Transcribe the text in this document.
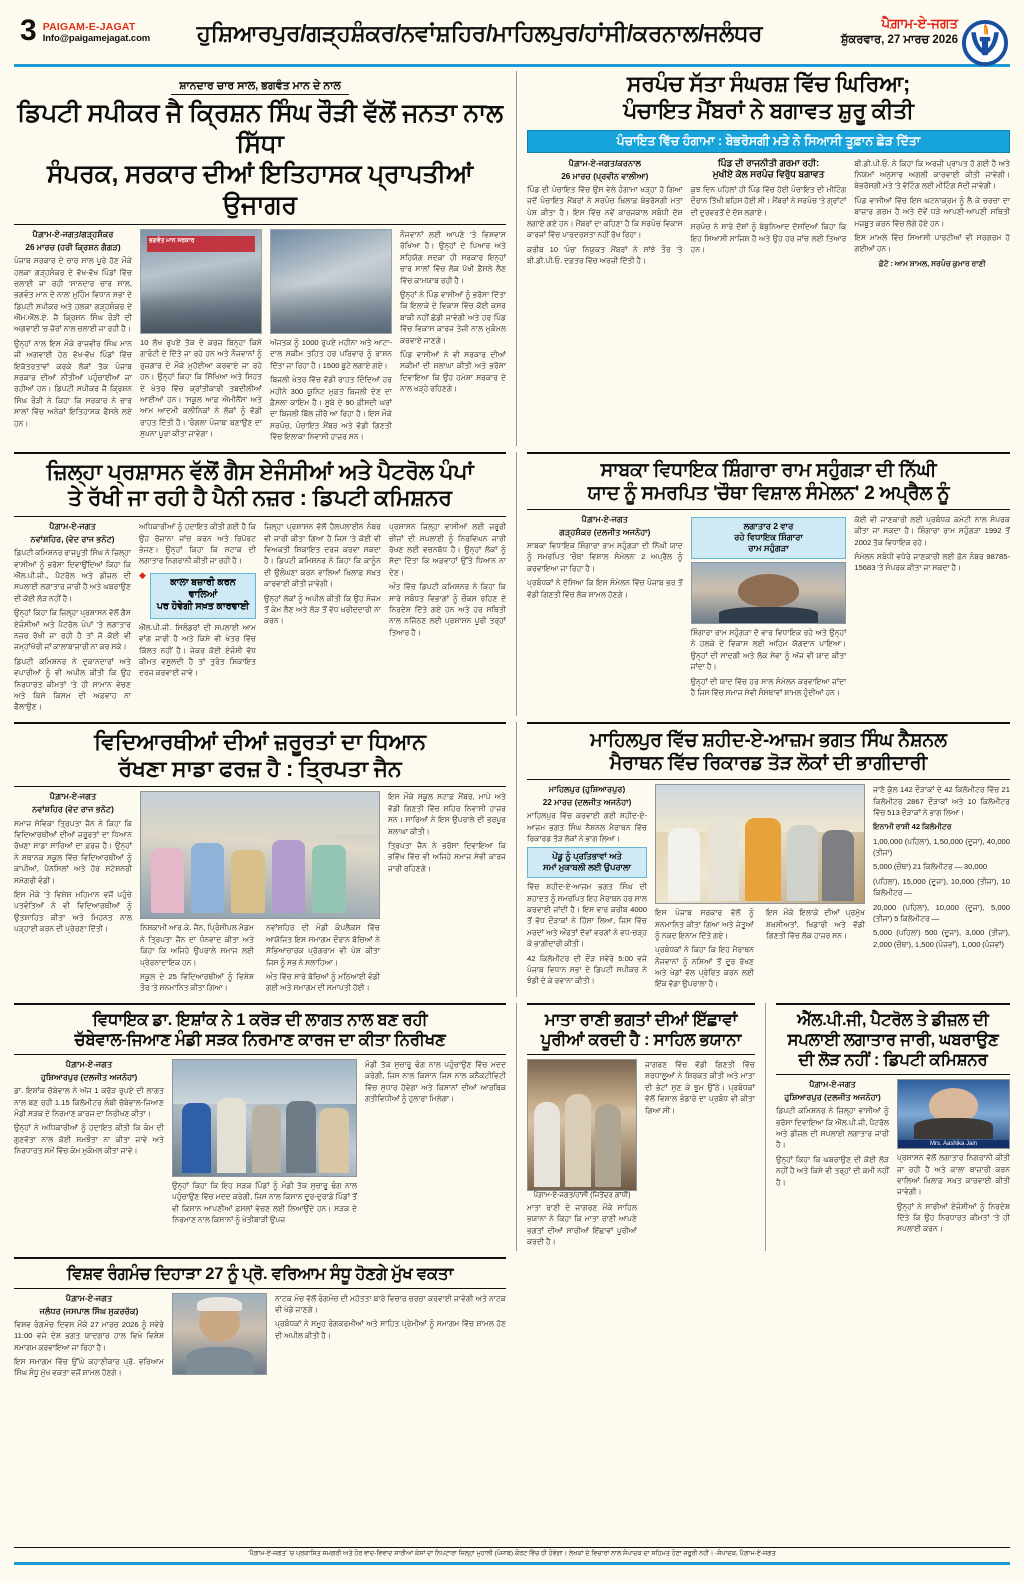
3 PAIGAM-E-JAGAT
Info@paigamejagat.com	ਹੁਸ਼ਿਆਰਪੁਰ/ਗੜ੍ਹਸ਼ੰਕਰ/ਨਵਾਂਸ਼ਹਿਰ/ਮਾਹਿਲਪੁਰ/ਹਾਂਸੀ/ਕਰਨਾਲ/ਜਲੰਧਰ	ਪੈਗ਼ਾਮ-ਏ-ਜਗਤ
ਸ਼ੁੱਕਰਵਾਰ, 27 ਮਾਰਚ 2026
ਸ਼ਾਨਦਾਰ ਚਾਰ ਸਾਲ, ਭਗਵੰਤ ਮਾਨ ਦੇ ਨਾਲ
ਡਿਪਟੀ ਸਪੀਕਰ ਜੈ ਕ੍ਰਿਸ਼ਨ ਸਿੰਘ ਰੌੜੀ ਵੱਲੋਂ ਜਨਤਾ ਨਾਲ ਸਿੱਧਾ
ਸੰਪਰਕ, ਸਰਕਾਰ ਦੀਆਂ ਇਤਿਹਾਸਕ ਪ੍ਰਾਪਤੀਆਂ ਉਜਾਗਰ
ਪੈਗ਼ਾਮ-ਏ-ਜਗਤ/ਗੜ੍ਹਸ਼ੰਕਰ
26 ਮਾਰਚ (ਹਰੀ ਕ੍ਰਿਸ਼ਨ ਗੰਗੜ)

ਪੰਜਾਬ ਸਰਕਾਰ ਦੇ ਚਾਰ ਸਾਲ ਪੂਰੇ ਹੋਣ ਮੌਕੇ ਹਲਕਾ ਗੜ੍ਹਸ਼ੰਕਰ ਦੇ ਵੱਖ-ਵੱਖ ਪਿੰਡਾਂ ਵਿੱਚ ਚਲਾਈ ਜਾ ਰਹੀ 'ਸਾਨਦਾਰ ਚਾਰ ਸਾਲ, ਭਗਵੰਤ ਮਾਨ ਦੇ ਨਾਲ' ਮੁਹਿੰਮ ਵਿਧਾਨ ਸਭਾ ਦੇ ਡਿਪਟੀ ਸਪੀਕਰ ਅਤੇ ਹਲਕਾ ਗੜ੍ਹਸ਼ੰਕਰ ਦੇ ਐੱਮ.ਐੱਲ.ਏ. ਜੈ ਕ੍ਰਿਸ਼ਨ ਸਿੰਘ ਰੌੜੀ ਦੀ ਅਗਵਾਈ 'ਚ ਜ਼ੋਰਾਂ ਨਾਲ ਚਲਾਈ ਜਾ ਰਹੀ ਹੈ।

ਉਨ੍ਹਾਂ ਨਾਲ ਇਸ ਮੌਕੇ ਰਾਜਵੀਰ ਸਿੰਘ ਮਾਨ ਜੀ ਅਗਵਾਈ ਹੇਠ ਵੱਖ-ਵੱਖ ਪਿੰਡਾਂ ਵਿੱਚ ਇਕੱਤਰਤਾਵਾਂ ਕਰਕੇ ਲੋਕਾਂ ਤੱਕ ਪੰਜਾਬ ਸਰਕਾਰ ਦੀਆਂ ਨੀਤੀਆਂ ਪਹੁੰਚਾਈਆਂ ਜਾ ਰਹੀਆਂ ਹਨ। ਡਿਪਟੀ ਸਪੀਕਰ ਜੈ ਕ੍ਰਿਸ਼ਨ ਸਿੰਘ ਰੌੜੀ ਨੇ ਕਿਹਾ ਕਿ ਸਰਕਾਰ ਨੇ ਚਾਰ ਸਾਲਾਂ ਵਿੱਚ ਅਨੇਕਾਂ ਇਤਿਹਾਸਕ ਫੈਸਲੇ ਲਏ ਹਨ।

ਭਗਵੰਤ ਮਾਨ ਸਰਕਾਰ

10 ਲੱਖ ਰੁਪਏ ਤੱਕ ਦੇ ਕਰਜ਼ ਬਿਨ੍ਹਾ ਕਿਸੇ ਗਾਰੰਟੀ ਦੇ ਦਿੱਤੇ ਜਾ ਰਹੇ ਹਨ ਅਤੇ ਨੌਜਵਾਨਾਂ ਨੂੰ ਰੁਜ਼ਗਾਰ ਦੇ ਮੌਕੇ ਮੁਹੱਈਆ ਕਰਵਾਏ ਜਾ ਰਹੇ ਹਨ। ਉਨ੍ਹਾਂ ਕਿਹਾ ਕਿ ਸਿੱਖਿਆ ਅਤੇ ਸਿਹਤ ਦੇ ਖੇਤਰ ਵਿੱਚ ਕ੍ਰਾਂਤੀਕਾਰੀ ਤਬਦੀਲੀਆਂ ਆਈਆਂ ਹਨ। 'ਸਕੂਲ ਆਫ਼ ਐਮੀਨੈਂਸ' ਅਤੇ ਆਮ ਆਦਮੀ ਕਲੀਨਿਕਾਂ ਨੇ ਲੋਕਾਂ ਨੂੰ ਵੱਡੀ ਰਾਹਤ ਦਿੱਤੀ ਹੈ। 'ਰੰਗਲਾ ਪੰਜਾਬ' ਬਣਾਉਣ ਦਾ ਸੁਪਨਾ ਪੂਰਾ ਕੀਤਾ ਜਾਵੇਗਾ।

ਅੱਜਤਕ ਨੂੰ 1000 ਰੁਪਏ ਮਹੀਨਾ ਅਤੇ ਆਟਾ-ਦਾਲ ਸਕੀਮ ਤਹਿਤ ਹਰ ਪਰਿਵਾਰ ਨੂੰ ਰਾਸ਼ਨ ਦਿੱਤਾ ਜਾ ਰਿਹਾ ਹੈ। 1500 ਬੂਟੇ ਲਗਾਏ ਗਏ।

ਬਿਜਲੀ ਖੇਤਰ ਵਿੱਚ ਵੱਡੀ ਰਾਹਤ ਦਿੰਦਿਆਂ ਹਰ ਮਹੀਨੇ 300 ਯੂਨਿਟ ਮੁਫ਼ਤ ਬਿਜਲੀ ਦੇਣ ਦਾ ਫ਼ੈਸਲਾ ਕਾਇਮ ਹੈ। ਸੂਬੇ ਦੇ 90 ਫ਼ੀਸਦੀ ਘਰਾਂ ਦਾ ਬਿਜਲੀ ਬਿੱਲ ਜ਼ੀਰੋ ਆ ਰਿਹਾ ਹੈ। ਇਸ ਮੌਕੇ ਸਰਪੰਚ, ਪੰਚਾਇਤ ਮੈਂਬਰ ਅਤੇ ਵੱਡੀ ਗਿਣਤੀ ਵਿੱਚ ਇਲਾਕਾ ਨਿਵਾਸੀ ਹਾਜ਼ਰ ਸਨ।

ਨੌਜਵਾਨਾਂ ਲਈ ਆਪਣੇ 'ਤੇ ਵਿਸ਼ਵਾਸ ਰੱਖਿਆ ਹੈ। ਉਨ੍ਹਾਂ ਦੇ ਪਿਆਰ ਅਤੇ ਸਹਿਯੋਗ ਸਦਕਾ ਹੀ ਸਰਕਾਰ ਇਨ੍ਹਾਂ ਚਾਰ ਸਾਲਾਂ ਵਿੱਚ ਲੋਕ ਪੱਖੀ ਫ਼ੈਸਲੇ ਲੈਣ ਵਿੱਚ ਕਾਮਯਾਬ ਰਹੀ ਹੈ।

ਉਨ੍ਹਾਂ ਨੇ ਪਿੰਡ ਵਾਸੀਆਂ ਨੂੰ ਭਰੋਸਾ ਦਿੱਤਾ ਕਿ ਇਲਾਕੇ ਦੇ ਵਿਕਾਸ ਵਿੱਚ ਕੋਈ ਕਸਰ ਬਾਕੀ ਨਹੀਂ ਛੱਡੀ ਜਾਵੇਗੀ ਅਤੇ ਹਰ ਪਿੰਡ ਵਿੱਚ ਵਿਕਾਸ ਕਾਰਜ ਤੇਜ਼ੀ ਨਾਲ ਮੁਕੰਮਲ ਕਰਵਾਏ ਜਾਣਗੇ।

ਪਿੰਡ ਵਾਸੀਆਂ ਨੇ ਵੀ ਸਰਕਾਰ ਦੀਆਂ ਸਕੀਮਾਂ ਦੀ ਸ਼ਲਾਘਾ ਕੀਤੀ ਅਤੇ ਭਰੋਸਾ ਦਿਵਾਇਆ ਕਿ ਉਹ ਹਮੇਸ਼ਾ ਸਰਕਾਰ ਦੇ ਨਾਲ ਖੜ੍ਹੇ ਰਹਿਣਗੇ।

ਸਰਪੰਚ ਸੱਤਾ ਸੰਘਰਸ਼ ਵਿੱਚ ਘਿਰਿਆ;
ਪੰਚਾਇਤ ਮੈਂਬਰਾਂ ਨੇ ਬਗਾਵਤ ਸ਼ੁਰੂ ਕੀਤੀ
ਪੰਚਾਇਤ ਵਿੱਚ ਹੰਗਾਮਾ : ਬੇਭਰੋਸਗੀ ਮਤੇ ਨੇ ਸਿਆਸੀ ਤੂਫ਼ਾਨ ਛੇੜ ਦਿੱਤਾ
ਪੈਗ਼ਾਮ-ਏ-ਜਗਤ/ਕਰਨਾਲ
26 ਮਾਰਚ (ਪ੍ਰਵੀਨ ਵਾਲੀਆ)

ਪਿੰਡ ਦੀ ਪੰਚਾਇਤ ਵਿੱਚ ਉਸ ਵੇਲੇ ਹੰਗਾਮਾ ਖੜ੍ਹਾ ਹੋ ਗਿਆ ਜਦੋਂ ਪੰਚਾਇਤ ਮੈਂਬਰਾਂ ਨੇ ਸਰਪੰਚ ਖ਼ਿਲਾਫ਼ ਬੇਭਰੋਸਗੀ ਮਤਾ ਪੇਸ਼ ਕੀਤਾ ਹੈ। ਇਸ ਵਿੱਚ ਨਵੇਂ ਕਾਰਜਕਾਲ ਸਬੰਧੀ ਦੋਸ਼ ਲਗਾਏ ਗਏ ਹਨ। ਮੈਂਬਰਾਂ ਦਾ ਕਹਿਣਾ ਹੈ ਕਿ ਸਰਪੰਚ ਵਿਕਾਸ ਕਾਰਜਾਂ ਵਿੱਚ ਪਾਰਦਰਸ਼ਤਾ ਨਹੀਂ ਰੱਖ ਰਿਹਾ।

ਕਰੀਬ 10 'ਪੰਚ' ਨਿਯੁਕਤ ਮੈਂਬਰਾਂ ਨੇ ਸਾਂਝੇ ਤੌਰ 'ਤੇ ਬੀ.ਡੀ.ਪੀ.ਓ. ਦਫ਼ਤਰ ਵਿੱਚ ਅਰਜ਼ੀ ਦਿੱਤੀ ਹੈ।

ਪਿੰਡ ਦੀ ਰਾਜਨੀਤੀ ਗਰਮਾ ਰਹੀ:
ਮੁਖੀਏ ਕੋਲ ਸਰਪੰਚ ਵਿਰੁੱਧ ਬਗਾਵਤ

ਕੁਝ ਦਿਨ ਪਹਿਲਾਂ ਹੀ ਪਿੰਡ ਵਿੱਚ ਹੋਈ ਪੰਚਾਇਤ ਦੀ ਮੀਟਿੰਗ ਦੌਰਾਨ ਤਿੱਖੀ ਬਹਿਸ ਹੋਈ ਸੀ। ਮੈਂਬਰਾਂ ਨੇ ਸਰਪੰਚ 'ਤੇ ਗ੍ਰਾਂਟਾਂ ਦੀ ਦੁਰਵਰਤੋਂ ਦੇ ਦੋਸ਼ ਲਗਾਏ।

ਸਰਪੰਚ ਨੇ ਸਾਰੇ ਦੋਸ਼ਾਂ ਨੂੰ ਬੇਬੁਨਿਆਦ ਦੱਸਦਿਆਂ ਕਿਹਾ ਕਿ ਇਹ ਸਿਆਸੀ ਸਾਜ਼ਿਸ਼ ਹੈ ਅਤੇ ਉਹ ਹਰ ਜਾਂਚ ਲਈ ਤਿਆਰ ਹਨ।

ਬੀ.ਡੀ.ਪੀ.ਓ. ਨੇ ਕਿਹਾ ਕਿ ਅਰਜ਼ੀ ਪ੍ਰਾਪਤ ਹੋ ਗਈ ਹੈ ਅਤੇ ਨਿਯਮਾਂ ਅਨੁਸਾਰ ਅਗਲੀ ਕਾਰਵਾਈ ਕੀਤੀ ਜਾਵੇਗੀ। ਬੇਭਰੋਸਗੀ ਮਤੇ 'ਤੇ ਵੋਟਿੰਗ ਲਈ ਮੀਟਿੰਗ ਸੱਦੀ ਜਾਵੇਗੀ।

ਪਿੰਡ ਵਾਸੀਆਂ ਵਿੱਚ ਇਸ ਘਟਨਾਕ੍ਰਮ ਨੂੰ ਲੈ ਕੇ ਚਰਚਾ ਦਾ ਬਾਜ਼ਾਰ ਗਰਮ ਹੈ ਅਤੇ ਦੋਵੇਂ ਧੜੇ ਆਪਣੀ-ਆਪਣੀ ਸਥਿਤੀ ਮਜ਼ਬੂਤ ਕਰਨ ਵਿੱਚ ਲੱਗੇ ਹੋਏ ਹਨ।

ਇਸ ਮਾਮਲੇ ਵਿੱਚ ਸਿਆਸੀ ਪਾਰਟੀਆਂ ਵੀ ਸਰਗਰਮ ਹੋ ਗਈਆਂ ਹਨ।

ਫ਼ੋਟੋ : ਆਮ ਸ਼ਾਮਲ, ਸਰਪੰਚ ਕੁਮਾਰ ਰਾਣੀ

ਜ਼ਿਲ੍ਹਾ ਪ੍ਰਸ਼ਾਸਨ ਵੱਲੋਂ ਗੈਸ ਏਜੰਸੀਆਂ ਅਤੇ ਪੈਟਰੋਲ ਪੰਪਾਂ
ਤੇ ਰੱਖੀ ਜਾ ਰਹੀ ਹੈ ਪੈਨੀ ਨਜ਼ਰ : ਡਿਪਟੀ ਕਮਿਸ਼ਨਰ
ਪੈਗ਼ਾਮ-ਏ-ਜਗਤ
ਨਵਾਂਸ਼ਹਿਰ, (ਵੇਦ ਰਾਜ ਭਨੋਟ)

ਡਿਪਟੀ ਕਮਿਸ਼ਨਰ ਰਾਜਪੂਤੀ ਸਿੰਘ ਨੇ ਜ਼ਿਲ੍ਹਾ ਵਾਸੀਆਂ ਨੂੰ ਭਰੋਸਾ ਦਿਵਾਉਂਦਿਆਂ ਕਿਹਾ ਕਿ ਐੱਲ.ਪੀ.ਜੀ., ਪੈਟਰੋਲ ਅਤੇ ਡੀਜ਼ਲ ਦੀ ਸਪਲਾਈ ਲਗਾਤਾਰ ਜਾਰੀ ਹੈ ਅਤੇ ਘਬਰਾਉਣ ਦੀ ਕੋਈ ਲੋੜ ਨਹੀਂ ਹੈ।

ਉਨ੍ਹਾਂ ਕਿਹਾ ਕਿ ਜ਼ਿਲ੍ਹਾ ਪ੍ਰਸ਼ਾਸਨ ਵੱਲੋਂ ਗੈਸ ਏਜੰਸੀਆਂ ਅਤੇ ਪੈਟਰੋਲ ਪੰਪਾਂ 'ਤੇ ਲਗਾਤਾਰ ਨਜ਼ਰ ਰੱਖੀ ਜਾ ਰਹੀ ਹੈ ਤਾਂ ਜੋ ਕੋਈ ਵੀ ਜਮ੍ਹਾਂਖੋਰੀ ਜਾਂ ਕਾਲਾਬਾਜ਼ਾਰੀ ਨਾ ਕਰ ਸਕੇ।

ਡਿਪਟੀ ਕਮਿਸ਼ਨਰ ਨੇ ਦੁਕਾਨਦਾਰਾਂ ਅਤੇ ਵਪਾਰੀਆਂ ਨੂੰ ਵੀ ਅਪੀਲ ਕੀਤੀ ਕਿ ਉਹ ਨਿਰਧਾਰਤ ਕੀਮਤਾਂ 'ਤੇ ਹੀ ਸਾਮਾਨ ਵੇਚਣ ਅਤੇ ਕਿਸੇ ਕਿਸਮ ਦੀ ਅਫ਼ਵਾਹ ਨਾ ਫੈਲਾਉਣ।

ਅਧਿਕਾਰੀਆਂ ਨੂੰ ਹਦਾਇਤ ਕੀਤੀ ਗਈ ਹੈ ਕਿ ਉਹ ਰੋਜ਼ਾਨਾ ਜਾਂਚ ਕਰਨ ਅਤੇ ਰਿਪੋਰਟ ਭੇਜਣ। ਉਨ੍ਹਾਂ ਕਿਹਾ ਕਿ ਸਟਾਕ ਦੀ ਲਗਾਤਾਰ ਨਿਗਰਾਨੀ ਕੀਤੀ ਜਾ ਰਹੀ ਹੈ।

◆
ਕਾਲਾ ਬਜ਼ਾਰੀ ਕਰਨ ਵਾਲਿਆਂ
ਪਰ ਹੋਵੇਗੀ ਸਖ਼ਤ ਕਾਰਵਾਈ

ਐੱਲ.ਪੀ.ਜੀ. ਸਿਲੰਡਰਾਂ ਦੀ ਸਪਲਾਈ ਆਮ ਵਾਂਗ ਜਾਰੀ ਹੈ ਅਤੇ ਕਿਸੇ ਵੀ ਖੇਤਰ ਵਿੱਚ ਕਿੱਲਤ ਨਹੀਂ ਹੈ। ਜੇਕਰ ਕੋਈ ਏਜੰਸੀ ਵੱਧ ਕੀਮਤ ਵਸੂਲਦੀ ਹੈ ਤਾਂ ਤੁਰੰਤ ਸ਼ਿਕਾਇਤ ਦਰਜ ਕਰਵਾਈ ਜਾਵੇ।

ਜ਼ਿਲ੍ਹਾ ਪ੍ਰਸ਼ਾਸਨ ਵੱਲੋਂ ਹੈਲਪਲਾਈਨ ਨੰਬਰ ਵੀ ਜਾਰੀ ਕੀਤਾ ਗਿਆ ਹੈ ਜਿਸ 'ਤੇ ਕੋਈ ਵੀ ਵਿਅਕਤੀ ਸ਼ਿਕਾਇਤ ਦਰਜ ਕਰਵਾ ਸਕਦਾ ਹੈ। ਡਿਪਟੀ ਕਮਿਸ਼ਨਰ ਨੇ ਕਿਹਾ ਕਿ ਕਾਨੂੰਨ ਦੀ ਉਲੰਘਣਾ ਕਰਨ ਵਾਲਿਆਂ ਖ਼ਿਲਾਫ਼ ਸਖ਼ਤ ਕਾਰਵਾਈ ਕੀਤੀ ਜਾਵੇਗੀ।

ਉਨ੍ਹਾਂ ਲੋਕਾਂ ਨੂੰ ਅਪੀਲ ਕੀਤੀ ਕਿ ਉਹ ਸੰਜਮ ਤੋਂ ਕੰਮ ਲੈਣ ਅਤੇ ਲੋੜ ਤੋਂ ਵੱਧ ਖ਼ਰੀਦਦਾਰੀ ਨਾ ਕਰਨ।

ਪ੍ਰਸ਼ਾਸਨ ਜ਼ਿਲ੍ਹਾ ਵਾਸੀਆਂ ਲਈ ਜ਼ਰੂਰੀ ਚੀਜ਼ਾਂ ਦੀ ਸਪਲਾਈ ਨੂੰ ਨਿਰਵਿਘਨ ਜਾਰੀ ਰੱਖਣ ਲਈ ਵਚਨਬੱਧ ਹੈ। ਉਨ੍ਹਾਂ ਲੋਕਾਂ ਨੂੰ ਸੱਦਾ ਦਿੱਤਾ ਕਿ ਅਫ਼ਵਾਹਾਂ ਉੱਤੇ ਧਿਆਨ ਨਾ ਦੇਣ।

ਅੰਤ ਵਿੱਚ ਡਿਪਟੀ ਕਮਿਸ਼ਨਰ ਨੇ ਕਿਹਾ ਕਿ ਸਾਰੇ ਸਬੰਧਤ ਵਿਭਾਗਾਂ ਨੂੰ ਚੌਕਸ ਰਹਿਣ ਦੇ ਨਿਰਦੇਸ਼ ਦਿੱਤੇ ਗਏ ਹਨ ਅਤੇ ਹਰ ਸਥਿਤੀ ਨਾਲ ਨਜਿੱਠਣ ਲਈ ਪ੍ਰਸ਼ਾਸਨ ਪੂਰੀ ਤਰ੍ਹਾਂ ਤਿਆਰ ਹੈ।

ਸਾਬਕਾ ਵਿਧਾਇਕ ਸ਼ਿੰਗਾਰਾ ਰਾਮ ਸਹੁੰਗੜਾ ਦੀ ਨਿੱਘੀ
ਯਾਦ ਨੂੰ ਸਮਰਪਿਤ 'ਚੌਥਾ ਵਿਸ਼ਾਲ ਸੰਮੇਲਨ' 2 ਅਪ੍ਰੈਲ ਨੂੰ
ਪੈਗ਼ਾਮ-ਏ-ਜਗਤ
ਗੜ੍ਹਸ਼ੰਕਰ (ਦਲਜੀਤ ਅਜਨੋਹਾ)

ਸਾਬਕਾ ਵਿਧਾਇਕ ਸ਼ਿੰਗਾਰਾ ਰਾਮ ਸਹੁੰਗੜਾ ਦੀ ਨਿੱਘੀ ਯਾਦ ਨੂੰ ਸਮਰਪਿਤ 'ਚੌਥਾ ਵਿਸ਼ਾਲ ਸੰਮੇਲਨ' 2 ਅਪ੍ਰੈਲ ਨੂੰ ਕਰਵਾਇਆ ਜਾ ਰਿਹਾ ਹੈ।

ਪ੍ਰਬੰਧਕਾਂ ਨੇ ਦੱਸਿਆ ਕਿ ਇਸ ਸੰਮੇਲਨ ਵਿੱਚ ਪੰਜਾਬ ਭਰ ਤੋਂ ਵੱਡੀ ਗਿਣਤੀ ਵਿੱਚ ਲੋਕ ਸ਼ਾਮਲ ਹੋਣਗੇ।

ਲਗਾਤਾਰ 2 ਵਾਰ
ਰਹੇ ਵਿਧਾਇਕ ਸ਼ਿੰਗਾਰਾ
ਰਾਮ ਸਹੁੰਗੜਾ

ਸ਼ਿੰਗਾਰਾ ਰਾਮ ਸਹੁੰਗੜਾ ਦੋ ਵਾਰ ਵਿਧਾਇਕ ਰਹੇ ਅਤੇ ਉਨ੍ਹਾਂ ਨੇ ਹਲਕੇ ਦੇ ਵਿਕਾਸ ਲਈ ਅਹਿਮ ਯੋਗਦਾਨ ਪਾਇਆ। ਉਨ੍ਹਾਂ ਦੀ ਸਾਦਗੀ ਅਤੇ ਲੋਕ ਸੇਵਾ ਨੂੰ ਅੱਜ ਵੀ ਯਾਦ ਕੀਤਾ ਜਾਂਦਾ ਹੈ।

ਉਨ੍ਹਾਂ ਦੀ ਯਾਦ ਵਿੱਚ ਹਰ ਸਾਲ ਸੰਮੇਲਨ ਕਰਵਾਇਆ ਜਾਂਦਾ ਹੈ ਜਿਸ ਵਿੱਚ ਸਮਾਜ ਸੇਵੀ ਸੰਸਥਾਵਾਂ ਸ਼ਾਮਲ ਹੁੰਦੀਆਂ ਹਨ।

ਕੋਈ ਵੀ ਜਾਣਕਾਰੀ ਲਈ ਪ੍ਰਬੰਧਕ ਕਮੇਟੀ ਨਾਲ ਸੰਪਰਕ ਕੀਤਾ ਜਾ ਸਕਦਾ ਹੈ। ਸ਼ਿੰਗਾਰਾ ਰਾਮ ਸਹੁੰਗੜਾ 1992 ਤੋਂ 2002 ਤੱਕ ਵਿਧਾਇਕ ਰਹੇ।

ਸੰਮੇਲਨ ਸਬੰਧੀ ਵਧੇਰੇ ਜਾਣਕਾਰੀ ਲਈ ਫ਼ੋਨ ਨੰਬਰ 98785-15683 'ਤੇ ਸੰਪਰਕ ਕੀਤਾ ਜਾ ਸਕਦਾ ਹੈ।

ਵਿਦਿਆਰਥੀਆਂ ਦੀਆਂ ਜ਼ਰੂਰਤਾਂ ਦਾ ਧਿਆਨ
ਰੱਖਣਾ ਸਾਡਾ ਫਰਜ਼ ਹੈ : ਤ੍ਰਿਪਤਾ ਜੈਨ
ਪੈਗ਼ਾਮ-ਏ-ਜਗਤ
ਨਵਾਂਸ਼ਹਿਰ (ਵੇਦ ਰਾਜ ਭਨੋਟ)

ਸਮਾਜ ਸੇਵਿਕਾ ਤ੍ਰਿਪਤਾ ਜੈਨ ਨੇ ਕਿਹਾ ਕਿ ਵਿਦਿਆਰਥੀਆਂ ਦੀਆਂ ਜ਼ਰੂਰਤਾਂ ਦਾ ਧਿਆਨ ਰੱਖਣਾ ਸਾਡਾ ਸਾਰਿਆਂ ਦਾ ਫ਼ਰਜ਼ ਹੈ। ਉਨ੍ਹਾਂ ਨੇ ਸਥਾਨਕ ਸਕੂਲ ਵਿੱਚ ਵਿਦਿਆਰਥੀਆਂ ਨੂੰ ਕਾਪੀਆਂ, ਪੈਨਸਿਲਾਂ ਅਤੇ ਹੋਰ ਸਟੇਸ਼ਨਰੀ ਸਮੱਗਰੀ ਵੰਡੀ।

ਇਸ ਮੌਕੇ 'ਤੇ ਵਿਸ਼ੇਸ਼ ਮਹਿਮਾਨ ਵਜੋਂ ਪਹੁੰਚੇ ਪਤਵੰਤਿਆਂ ਨੇ ਵੀ ਵਿਦਿਆਰਥੀਆਂ ਨੂੰ ਉਤਸ਼ਾਹਿਤ ਕੀਤਾ ਅਤੇ ਮਿਹਨਤ ਨਾਲ ਪੜ੍ਹਾਈ ਕਰਨ ਦੀ ਪ੍ਰੇਰਣਾ ਦਿੱਤੀ।	ਨਿਸ਼ਕਾਮੀ ਆਰ.ਕੇ. ਜੈਨ, ਪ੍ਰਿੰਸੀਪਲ ਮੈਡਮ ਨੇ ਤ੍ਰਿਪਤਾ ਜੈਨ ਦਾ ਧੰਨਵਾਦ ਕੀਤਾ ਅਤੇ ਕਿਹਾ ਕਿ ਅਜਿਹੇ ਉਪਰਾਲੇ ਸਮਾਜ ਲਈ ਪ੍ਰੇਰਨਾਦਾਇਕ ਹਨ।

ਸਕੂਲ ਦੇ 25 ਵਿਦਿਆਰਥੀਆਂ ਨੂੰ ਵਿਸ਼ੇਸ਼ ਤੌਰ 'ਤੇ ਸਨਮਾਨਿਤ ਕੀਤਾ ਗਿਆ।

ਨਵਾਂਸ਼ਹਿਰ ਦੀ ਮੰਡੀ ਕੰਪਲੈਕਸ ਵਿੱਚ ਆਯੋਜਿਤ ਇਸ ਸਮਾਗਮ ਦੌਰਾਨ ਬੱਚਿਆਂ ਨੇ ਸੱਭਿਆਚਾਰਕ ਪ੍ਰੋਗਰਾਮ ਵੀ ਪੇਸ਼ ਕੀਤਾ ਜਿਸ ਨੂੰ ਸਭ ਨੇ ਸਲਾਹਿਆ।

ਅੰਤ ਵਿੱਚ ਸਾਰੇ ਬੱਚਿਆਂ ਨੂੰ ਮਠਿਆਈ ਵੰਡੀ ਗਈ ਅਤੇ ਸਮਾਗਮ ਦੀ ਸਮਾਪਤੀ ਹੋਈ।

ਇਸ ਮੌਕੇ ਸਕੂਲ ਸਟਾਫ਼ ਮੈਂਬਰ, ਮਾਪੇ ਅਤੇ ਵੱਡੀ ਗਿਣਤੀ ਵਿੱਚ ਸ਼ਹਿਰ ਨਿਵਾਸੀ ਹਾਜ਼ਰ ਸਨ। ਸਾਰਿਆਂ ਨੇ ਇਸ ਉਪਰਾਲੇ ਦੀ ਭਰਪੂਰ ਸ਼ਲਾਘਾ ਕੀਤੀ।

ਤ੍ਰਿਪਤਾ ਜੈਨ ਨੇ ਭਰੋਸਾ ਦਿਵਾਇਆ ਕਿ ਭਵਿੱਖ ਵਿੱਚ ਵੀ ਅਜਿਹੇ ਸਮਾਜ ਸੇਵੀ ਕਾਰਜ ਜਾਰੀ ਰਹਿਣਗੇ।

ਮਾਹਿਲਪੁਰ ਵਿੱਚ ਸ਼ਹੀਦ-ਏ-ਆਜ਼ਮ ਭਗਤ ਸਿੰਘ ਨੈਸ਼ਨਲ
ਮੈਰਾਥਨ ਵਿੱਚ ਰਿਕਾਰਡ ਤੋੜ ਲੋਕਾਂ ਦੀ ਭਾਗੀਦਾਰੀ
ਮਾਹਿਲਪੁਰ (ਹੁਸ਼ਿਆਰਪੁਰ)
22 ਮਾਰਚ (ਦਲਜੀਤ ਅਜਨੋਹਾ)

ਮਾਹਿਲਪੁਰ ਵਿੱਚ ਕਰਵਾਈ ਗਈ ਸ਼ਹੀਦ-ਏ-ਆਜ਼ਮ ਭਗਤ ਸਿੰਘ ਨੈਸ਼ਨਲ ਮੈਰਾਥਨ ਵਿੱਚ ਰਿਕਾਰਡ ਤੋੜ ਲੋਕਾਂ ਨੇ ਭਾਗ ਲਿਆ।

ਪੇਂਡੂ ਨੂੰ ਪ੍ਰਤਿਭਾਵਾਂ ਅਤੇ
ਸਮਾਂ ਮੁਕਾਬਲੀ ਲਈ ਉਪਰਾਲਾ

ਵਿੱਚ ਸ਼ਹੀਦ-ਏ-ਆਜ਼ਮ ਭਗਤ ਸਿੰਘ ਦੀ ਸ਼ਹਾਦਤ ਨੂੰ ਸਮਰਪਿਤ ਇਹ ਮੈਰਾਥਨ ਹਰ ਸਾਲ ਕਰਵਾਈ ਜਾਂਦੀ ਹੈ। ਇਸ ਵਾਰ ਕਰੀਬ 4000 ਤੋਂ ਵੱਧ ਦੌੜਾਕਾਂ ਨੇ ਹਿੱਸਾ ਲਿਆ, ਜਿਸ ਵਿੱਚ ਮਰਦਾਂ ਅਤੇ ਔਰਤਾਂ ਦੋਵਾਂ ਵਰਗਾਂ ਨੇ ਵਧ-ਚੜ੍ਹ ਕੇ ਭਾਗੀਦਾਰੀ ਕੀਤੀ।

42 ਕਿਲੋਮੀਟਰ ਦੀ ਦੌੜ ਸਵੇਰੇ 5:00 ਵਜੇ ਪੰਜਾਬ ਵਿਧਾਨ ਸਭਾ ਦੇ ਡਿਪਟੀ ਸਪੀਕਰ ਨੇ ਝੰਡੀ ਦੇ ਕੇ ਰਵਾਨਾ ਕੀਤੀ।

ਇਸ ਪੰਜਾਬ ਸਰਕਾਰ ਵੱਲੋਂ ਨੂੰ ਸਨਮਾਨਿਤ ਕੀਤਾ ਗਿਆ ਅਤੇ ਜੇਤੂਆਂ ਨੂੰ ਨਕਦ ਇਨਾਮ ਦਿੱਤੇ ਗਏ।

ਪ੍ਰਬੰਧਕਾਂ ਨੇ ਕਿਹਾ ਕਿ ਇਹ ਮੈਰਾਥਨ ਨੌਜਵਾਨਾਂ ਨੂੰ ਨਸ਼ਿਆਂ ਤੋਂ ਦੂਰ ਰੱਖਣ ਅਤੇ ਖੇਡਾਂ ਵੱਲ ਪ੍ਰੇਰਿਤ ਕਰਨ ਲਈ ਇੱਕ ਵੱਡਾ ਉਪਰਾਲਾ ਹੈ।

ਇਸ ਮੌਕੇ ਇਲਾਕੇ ਦੀਆਂ ਪ੍ਰਮੁੱਖ ਸ਼ਖ਼ਸੀਅਤਾਂ, ਖਿਡਾਰੀ ਅਤੇ ਵੱਡੀ ਗਿਣਤੀ ਵਿੱਚ ਲੋਕ ਹਾਜ਼ਰ ਸਨ।

ਜਾਣੋ ਕੁੱਲ 142 ਦੌੜਾਕਾਂ ਦੇ 42 ਕਿਲੋਮੀਟਰ ਵਿੱਚ 21 ਕਿਲੋਮੀਟਰ 2867 ਦੌੜਾਕਾਂ ਅਤੇ 10 ਕਿਲੋਮੀਟਰ ਵਿੱਚ 513 ਦੌੜਾਕਾਂ ਨੇ ਭਾਗ ਲਿਆ।

ਇਨਾਮੀ ਰਾਸ਼ੀ 42 ਕਿਲੋਮੀਟਰ

1,00,000 (ਪਹਿਲਾ), 1,50,000 (ਦੂਜਾ), 40,000 (ਤੀਜਾ)

5,000 (ਚੌਥਾ) 21 ਕਿਲੋਮੀਟਰ — 30,000

(ਪਹਿਲਾ), 15,000 (ਦੂਜਾ), 10,000 (ਤੀਜਾ), 10 ਕਿਲੋਮੀਟਰ —

20,000 (ਪਹਿਲਾ), 10,000 (ਦੂਜਾ), 5,000 (ਤੀਜਾ) 5 ਕਿਲੋਮੀਟਰ —

5,000 (ਪਹਿਲਾ) 500 (ਦੂਜਾ), 3,000 (ਤੀਜਾ), 2,000 (ਚੌਥਾ), 1,500 (ਪੰਜਵਾਂ), 1,000 (ਪੰਜਵਾਂ)

ਵਿਧਾਇਕ ਡਾ. ਇਸ਼ਾਂਕ ਨੇ 1 ਕਰੋੜ ਦੀ ਲਾਗਤ ਨਾਲ ਬਣ ਰਹੀ
ਚੱਬੇਵਾਲ-ਜਿਆਣ ਮੰਡੀ ਸੜਕ ਨਿਰਮਾਣ ਕਾਰਜ ਦਾ ਕੀਤਾ ਨਿਰੀਖਣ
ਪੈਗ਼ਾਮ-ਏ-ਜਗਤ
ਹੁਸ਼ਿਆਰਪੁਰ (ਦਲਜੀਤ ਅਜਨੋਹਾ)

ਡਾ. ਇਸ਼ਾਂਕ ਚੱਬੇਵਾਲ ਨੇ ਅੱਜ 1 ਕਰੋੜ ਰੁਪਏ ਦੀ ਲਾਗਤ ਨਾਲ ਬਣ ਰਹੀ 1.15 ਕਿਲੋਮੀਟਰ ਲੰਬੀ ਚੱਬੇਵਾਲ-ਜਿਆਣ ਮੰਡੀ ਸੜਕ ਦੇ ਨਿਰਮਾਣ ਕਾਰਜ ਦਾ ਨਿਰੀਖਣ ਕੀਤਾ।

ਉਨ੍ਹਾਂ ਨੇ ਅਧਿਕਾਰੀਆਂ ਨੂੰ ਹਦਾਇਤ ਕੀਤੀ ਕਿ ਕੰਮ ਦੀ ਗੁਣਵੱਤਾ ਨਾਲ ਕੋਈ ਸਮਝੌਤਾ ਨਾ ਕੀਤਾ ਜਾਵੇ ਅਤੇ ਨਿਰਧਾਰਤ ਸਮੇਂ ਵਿੱਚ ਕੰਮ ਮੁਕੰਮਲ ਕੀਤਾ ਜਾਵੇ।

ਉਨ੍ਹਾਂ ਕਿਹਾ ਕਿ ਇਹ ਸੜਕ ਪਿੰਡਾਂ ਨੂੰ ਮੰਡੀ ਤੱਕ ਸੁਚਾਰੂ ਢੰਗ ਨਾਲ ਪਹੁੰਚਾਉਣ ਵਿੱਚ ਮਦਦ ਕਰੇਗੀ, ਜਿਸ ਨਾਲ ਕਿਸਾਨ ਦੂਰ-ਦੁਰਾਡੇ ਪਿੰਡਾਂ ਤੋਂ ਵੀ ਕਿਸਾਨ ਆਪਣੀਆਂ ਫ਼ਸਲਾਂ ਵੇਚਣ ਲਈ ਲਿਆਉਂਦੇ ਹਨ। ਸੜਕ ਦੇ ਨਿਰਮਾਣ ਨਾਲ ਕਿਸਾਨਾਂ ਨੂੰ ਖੇਤੀਬਾੜੀ ਉਪਜ

ਮੰਡੀ ਤੱਕ ਸੁਚਾਰੂ ਢੰਗ ਨਾਲ ਪਹੁੰਚਾਉਣ ਵਿੱਚ ਮਦਦ ਕਰੇਗੀ, ਜਿਸ ਨਾਲ ਕਿਸਾਨ ਜਿਸ ਨਾਲ ਕਨੈਕਟੀਵਿਟੀ ਵਿੱਚ ਸੁਧਾਰ ਹੋਵੇਗਾ ਅਤੇ ਕਿਸਾਨਾਂ ਦੀਆਂ ਆਰਥਿਕ ਗਤੀਵਿਧੀਆਂ ਨੂੰ ਹੁਲਾਰਾ ਮਿਲੇਗਾ।

ਮਾਤਾ ਰਾਣੀ ਭਗਤਾਂ ਦੀਆਂ ਇੱਛਾਵਾਂ
ਪੂਰੀਆਂ ਕਰਦੀ ਹੈ : ਸਾਹਿਲ ਭਯਾਨਾ
ਪੈਗ਼ਾਮ-ਏ-ਜਗਤ/ਹਾਂਸੀ (ਜਿਤੇਂਦਰ ਗਾਂਧੀ)

ਮਾਤਾ ਰਾਣੀ ਦੇ ਜਾਗਰਣ ਮੌਕੇ ਸਾਹਿਲ ਭਯਾਨਾ ਨੇ ਕਿਹਾ ਕਿ ਮਾਤਾ ਰਾਣੀ ਆਪਣੇ ਭਗਤਾਂ ਦੀਆਂ ਸਾਰੀਆਂ ਇੱਛਾਵਾਂ ਪੂਰੀਆਂ ਕਰਦੀ ਹੈ।

ਜਾਗਰਣ ਵਿੱਚ ਵੱਡੀ ਗਿਣਤੀ ਵਿੱਚ ਸ਼ਰਧਾਲੂਆਂ ਨੇ ਸ਼ਿਰਕਤ ਕੀਤੀ ਅਤੇ ਮਾਤਾ ਦੀ ਭੇਟਾਂ ਸੁਣ ਕੇ ਝੂਮ ਉੱਠੇ। ਪ੍ਰਬੰਧਕਾਂ ਵੱਲੋਂ ਵਿਸ਼ਾਲ ਭੰਡਾਰੇ ਦਾ ਪ੍ਰਬੰਧ ਵੀ ਕੀਤਾ ਗਿਆ ਸੀ।

ਐੱਲ.ਪੀ.ਜੀ, ਪੈਟਰੋਲ ਤੇ ਡੀਜ਼ਲ ਦੀ
ਸਪਲਾਈ ਲਗਾਤਾਰ ਜਾਰੀ, ਘਬਰਾਉਣ
ਦੀ ਲੋੜ ਨਹੀਂ : ਡਿਪਟੀ ਕਮਿਸ਼ਨਰ
ਪੈਗ਼ਾਮ-ਏ-ਜਗਤ
ਹੁਸ਼ਿਆਰਪੁਰ (ਦਲਜੀਤ ਅਜਨੋਹਾ)

ਡਿਪਟੀ ਕਮਿਸ਼ਨਰ ਨੇ ਜ਼ਿਲ੍ਹਾ ਵਾਸੀਆਂ ਨੂੰ ਭਰੋਸਾ ਦਿਵਾਇਆ ਕਿ ਐੱਲ.ਪੀ.ਜੀ, ਪੈਟਰੋਲ ਅਤੇ ਡੀਜ਼ਲ ਦੀ ਸਪਲਾਈ ਲਗਾਤਾਰ ਜਾਰੀ ਹੈ।

ਉਨ੍ਹਾਂ ਕਿਹਾ ਕਿ ਘਬਰਾਉਣ ਦੀ ਕੋਈ ਲੋੜ ਨਹੀਂ ਹੈ ਅਤੇ ਕਿਸੇ ਵੀ ਤਰ੍ਹਾਂ ਦੀ ਕਮੀ ਨਹੀਂ ਹੈ।

Mrs. Aashika Jain

ਪ੍ਰਸ਼ਾਸਨ ਵੱਲੋਂ ਲਗਾਤਾਰ ਨਿਗਰਾਨੀ ਕੀਤੀ ਜਾ ਰਹੀ ਹੈ ਅਤੇ ਕਾਲਾ ਬਾਜ਼ਾਰੀ ਕਰਨ ਵਾਲਿਆਂ ਖ਼ਿਲਾਫ਼ ਸਖ਼ਤ ਕਾਰਵਾਈ ਕੀਤੀ ਜਾਵੇਗੀ।

ਉਨ੍ਹਾਂ ਨੇ ਸਾਰੀਆਂ ਏਜੰਸੀਆਂ ਨੂੰ ਨਿਰਦੇਸ਼ ਦਿੱਤੇ ਕਿ ਉਹ ਨਿਰਧਾਰਤ ਕੀਮਤਾਂ 'ਤੇ ਹੀ ਸਪਲਾਈ ਕਰਨ।

ਵਿਸ਼ਵ ਰੰਗਮੰਚ ਦਿਹਾੜਾ 27 ਨੂੰ ਪ੍ਰੋ. ਵਰਿਆਮ ਸੰਧੂ ਹੋਣਗੇ ਮੁੱਖ ਵਕਤਾ
ਪੈਗ਼ਾਮ-ਏ-ਜਗਤ
ਜਲੰਧਰ (ਜਸਪਾਲ ਸਿੰਘ ਸੁਕਰਚੱਕ)

ਵਿਸ਼ਵ ਰੰਗਮੰਚ ਦਿਵਸ ਮੌਕੇ 27 ਮਾਰਚ 2026 ਨੂੰ ਸਵੇਰੇ 11:00 ਵਜੇ ਦੇਸ਼ ਭਗਤ ਯਾਦਗਾਰ ਹਾਲ ਵਿਖੇ ਵਿਸ਼ੇਸ਼ ਸਮਾਗਮ ਕਰਵਾਇਆ ਜਾ ਰਿਹਾ ਹੈ।

ਇਸ ਸਮਾਗਮ ਵਿੱਚ ਉੱਘੇ ਕਹਾਣੀਕਾਰ ਪ੍ਰੋ. ਵਰਿਆਮ ਸਿੰਘ ਸੰਧੂ ਮੁੱਖ ਵਕਤਾ ਵਜੋਂ ਸ਼ਾਮਲ ਹੋਣਗੇ।

ਨਾਟਕ ਮੰਚ ਵੱਲੋਂ ਰੰਗਮੰਚ ਦੀ ਮਹੱਤਤਾ ਬਾਰੇ ਵਿਚਾਰ ਚਰਚਾ ਕਰਵਾਈ ਜਾਵੇਗੀ ਅਤੇ ਨਾਟਕ ਵੀ ਖੇਡੇ ਜਾਣਗੇ।

ਪ੍ਰਬੰਧਕਾਂ ਨੇ ਸਮੂਹ ਰੰਗਕਰਮੀਆਂ ਅਤੇ ਸਾਹਿਤ ਪ੍ਰੇਮੀਆਂ ਨੂੰ ਸਮਾਗਮ ਵਿੱਚ ਸ਼ਾਮਲ ਹੋਣ ਦੀ ਅਪੀਲ ਕੀਤੀ ਹੈ।

'ਪੈਗ਼ਾਮ-ਏ-ਜਗਤ' 'ਚ ਪ੍ਰਕਾਸ਼ਿਤ ਸਮਗਰੀ ਅਤੇ ਹੋਰ ਵਾਦ-ਵਿਵਾਦ ਸਾਰੀਆਂ ਕੇਸਾਂ ਦਾ ਨਿਪਟਾਰਾ ਜ਼ਿਲ੍ਹਾ ਮੁਹਾਲੀ (ਪੰਜਾਬ) ਕੋਰਟ ਵਿੱਚ ਹੀ ਹੋਵੇਗਾ। ਲੇਖਕਾਂ ਦੇ ਵਿਚਾਰਾਂ ਨਾਲ ਸੰਪਾਦਕ ਦਾ ਸਹਿਮਤ ਹੋਣਾ ਜ਼ਰੂਰੀ ਨਹੀਂ। -ਸੰਪਾਦਕ, ਪੈਗ਼ਾਮ-ਏ-ਜਗਤ
